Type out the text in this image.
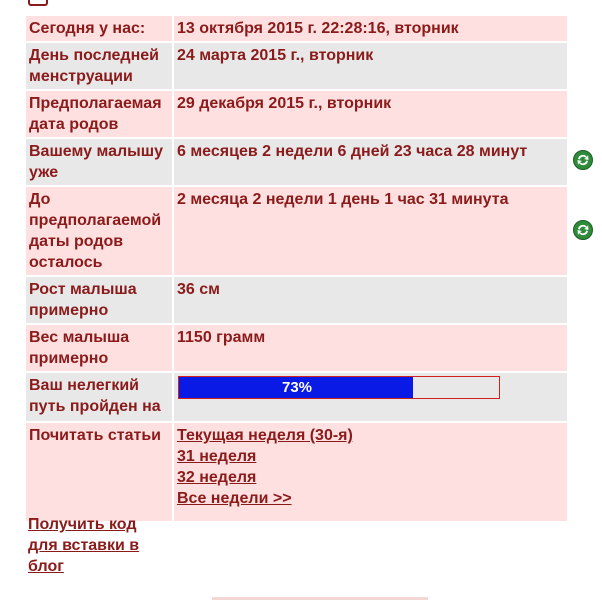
Сегодня у нас:	13 октября 2015 г. 22:28:16, вторник
День последней менструации	24 марта 2015 г., вторник
Предполагаемая дата родов	29 декабря 2015 г., вторник
Вашему малышу уже	6 месяцев 2 недели 6 дней 23 часа 28 минут
До предполагаемой даты родов осталось	2 месяца 2 недели 1 день 1 час 31 минута
Рост малыша примерно	36 см
Вес малыша примерно	1150 грамм
Ваш нелегкий путь пройден на	73%

Почитать статьи	Текущая неделя (30-я)
31 неделя
32 неделя
Все недели >>
Получить код для вставки в блог
